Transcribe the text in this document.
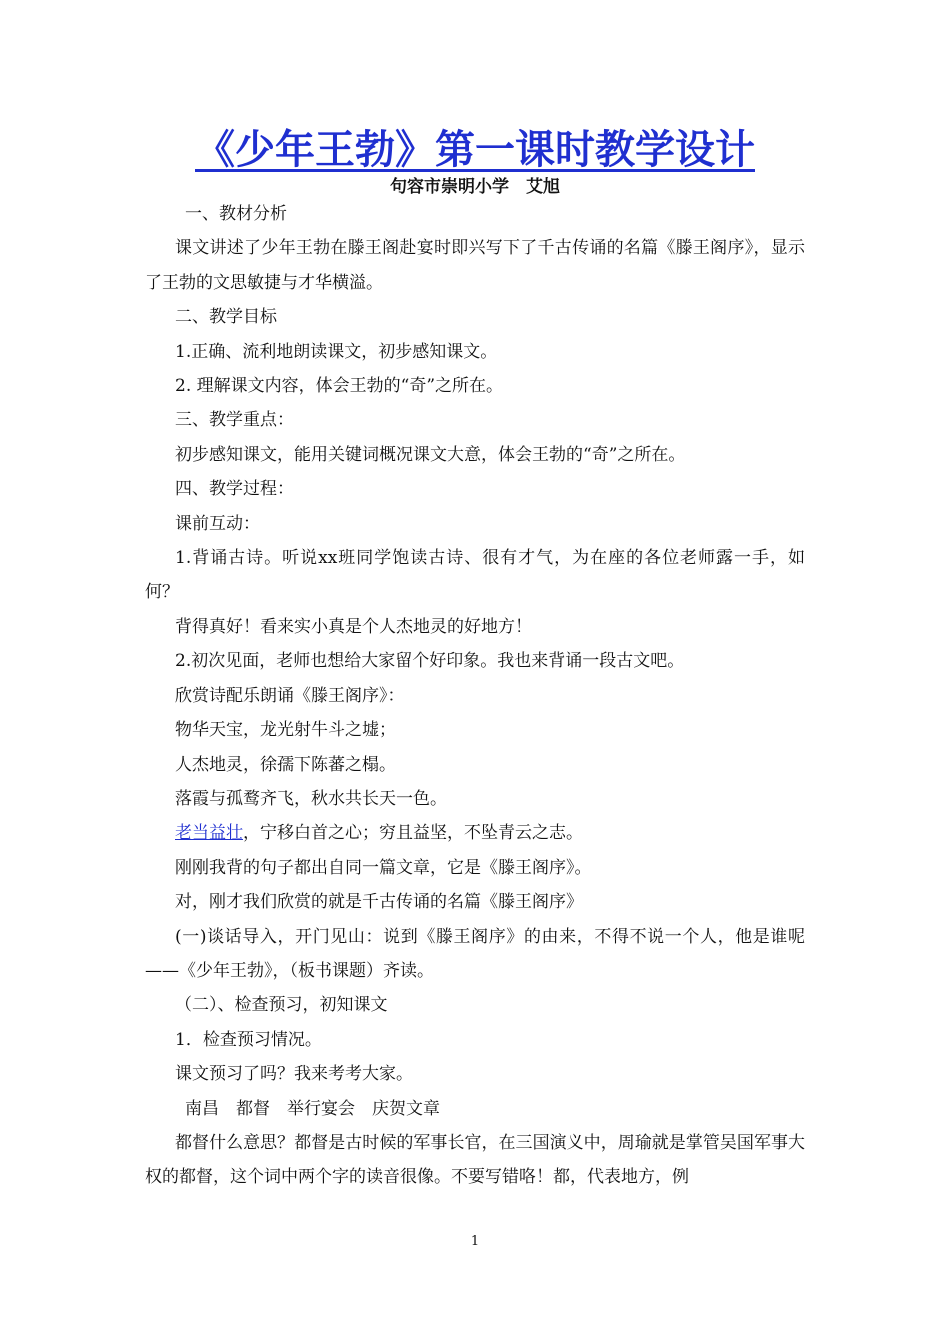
《少年王勃》第一课时教学设计
句容市崇明小学　艾旭

一、教材分析

课文讲述了少年王勃在滕王阁赴宴时即兴写下了千古传诵的名篇《滕王阁序》，显示了王勃的文思敏捷与才华横溢。

二、教学目标

1.正确、流利地朗读课文，初步感知课文。

2. 理解课文内容，体会王勃的“奇”之所在。

三、教学重点：

初步感知课文，能用关键词概况课文大意，体会王勃的“奇”之所在。

四、教学过程：

课前互动：

1.背诵古诗。听说xx班同学饱读古诗、很有才气，为在座的各位老师露一手，如何？

背得真好！看来实小真是个人杰地灵的好地方！

2.初次见面，老师也想给大家留个好印象。我也来背诵一段古文吧。

欣赏诗配乐朗诵《滕王阁序》：

物华天宝，龙光射牛斗之墟；

人杰地灵，徐孺下陈蕃之榻。

落霞与孤鹜齐飞，秋水共长天一色。

老当益壮，宁移白首之心；穷且益坚，不坠青云之志。

刚刚我背的句子都出自同一篇文章，它是《滕王阁序》。

对，刚才我们欣赏的就是千古传诵的名篇《滕王阁序》

(一)谈话导入，开门见山：说到《滕王阁序》的由来，不得不说一个人，他是谁呢——《少年王勃》，（板书课题）齐读。

（二）、检查预习，初知课文

1．检查预习情况。

课文预习了吗？我来考考大家。

南昌　都督　举行宴会　庆贺文章

都督什么意思？都督是古时候的军事长官，在三国演义中，周瑜就是掌管吴国军事大权的都督，这个词中两个字的读音很像。不要写错咯！都，代表地方，例

1
